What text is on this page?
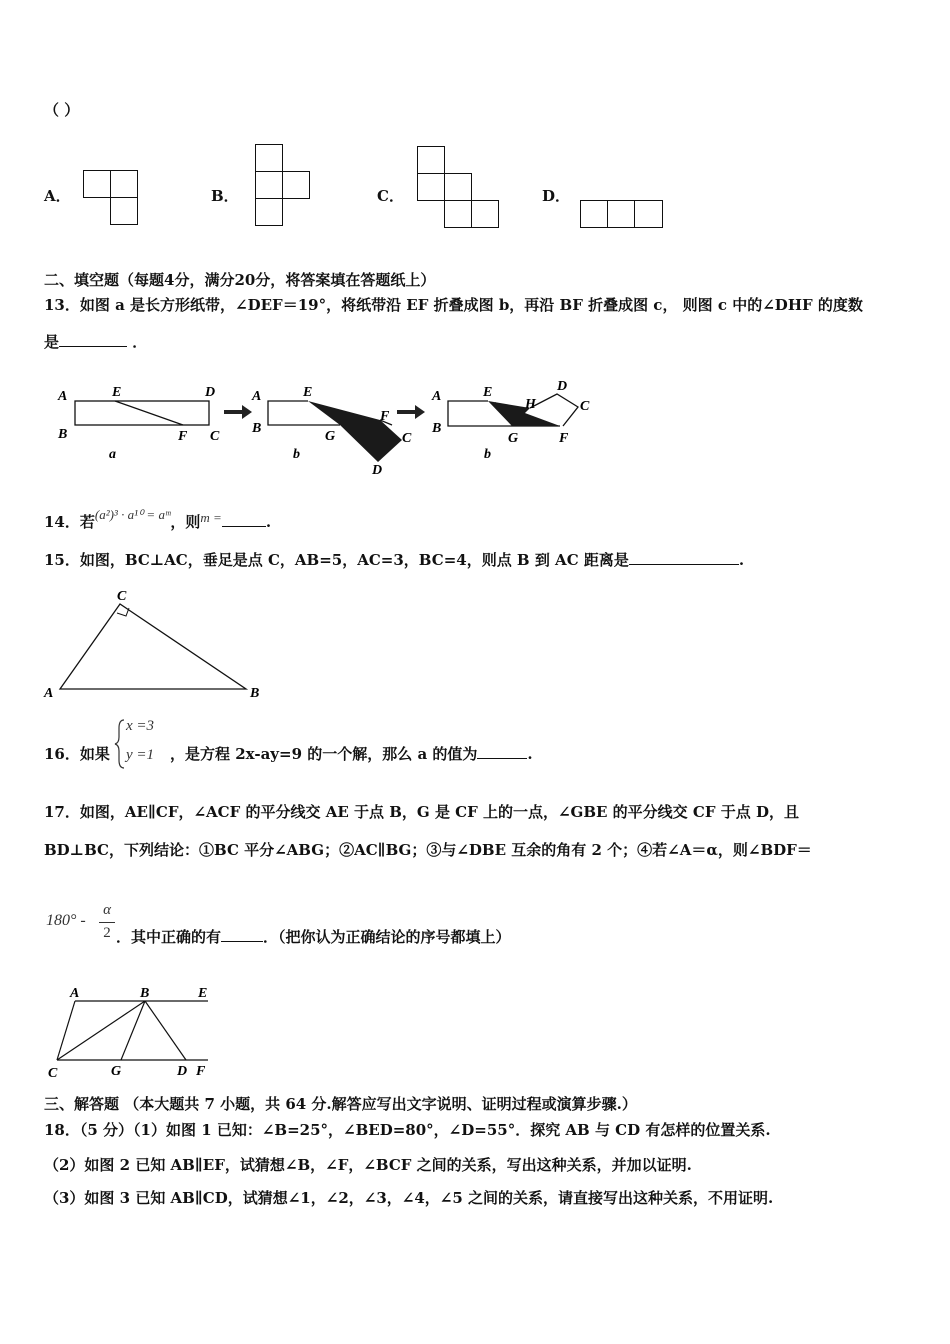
（ ）
A．	B．	C．	D．
二、填空题（每题4分，满分20分，将答案填在答题纸上）
13．如图 a 是长方形纸带，∠DEF＝19°，将纸带沿 EF 折叠成图 b，再沿 BF 折叠成图 c， 则图 c 中的∠DHF 的度数
是	．
A
B
E	D
F C
a
A
B
E
F
G	C
D
b
A
B
E
H
D
C
G	F
b
14．若(a²)³ · a¹⁰ = aᵐ，则m =	.
15．如图，BC⊥AC，垂足是点 C，AB=5，AC=3，BC=4，则点 B 到 AC 距离是	.
C
A	B
16．如果
x =3
y =1 ，是方程 2x-ay=9 的一个解，那么 a 的值为	.
17．如图，AE∥CF，∠ACF 的平分线交 AE 于点 B，G 是 CF 上的一点，∠GBE 的平分线交 CF 于点 D，且
BD⊥BC，下列结论：①BC 平分∠ABG；②AC∥BG；③与∠DBE 互余的角有 2 个；④若∠A＝α，则∠BDF＝
180° -
α
2 ．其中正确的有	．（把你认为正确结论的序号都填上）
A	B	E
C	G	D F
三、解答题 （本大题共 7 小题，共 64 分.解答应写出文字说明、证明过程或演算步骤.）
18．（5 分）（1）如图 1 已知：∠B=25°，∠BED=80°，∠D=55°．探究 AB 与 CD 有怎样的位置关系.
（2）如图 2 已知 AB∥EF，试猜想∠B，∠F，∠BCF 之间的关系，写出这种关系，并加以证明.
（3）如图 3 已知 AB∥CD，试猜想∠1，∠2，∠3，∠4，∠5 之间的关系，请直接写出这种关系，不用证明.
